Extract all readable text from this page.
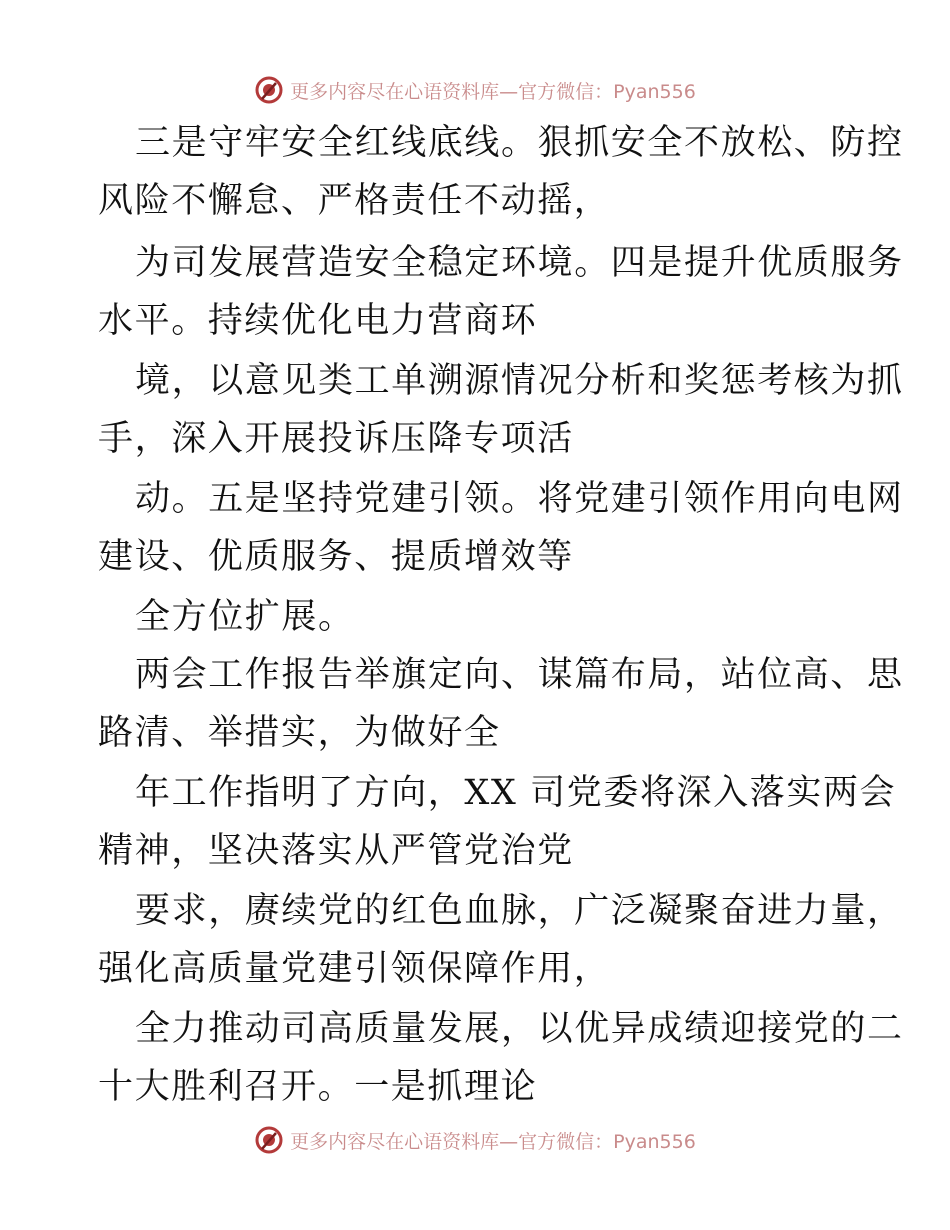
更多内容尽在心语资料库—官方微信：Pyan556
三是守牢安全红线底线。狠抓安全不放松、防控
风险不懈怠、严格责任不动摇，
为司发展营造安全稳定环境。四是提升优质服务
水平。持续优化电力营商环
境，以意见类工单溯源情况分析和奖惩考核为抓
手，深入开展投诉压降专项活
动。五是坚持党建引领。将党建引领作用向电网
建设、优质服务、提质增效等
全方位扩展。
两会工作报告举旗定向、谋篇布局，站位高、思
路清、举措实，为做好全
年工作指明了方向，XX 司党委将深入落实两会
精神，坚决落实从严管党治党
要求，赓续党的红色血脉，广泛凝聚奋进力量，
强化高质量党建引领保障作用，
全力推动司高质量发展，以优异成绩迎接党的二
十大胜利召开。一是抓理论
更多内容尽在心语资料库—官方微信：Pyan556
